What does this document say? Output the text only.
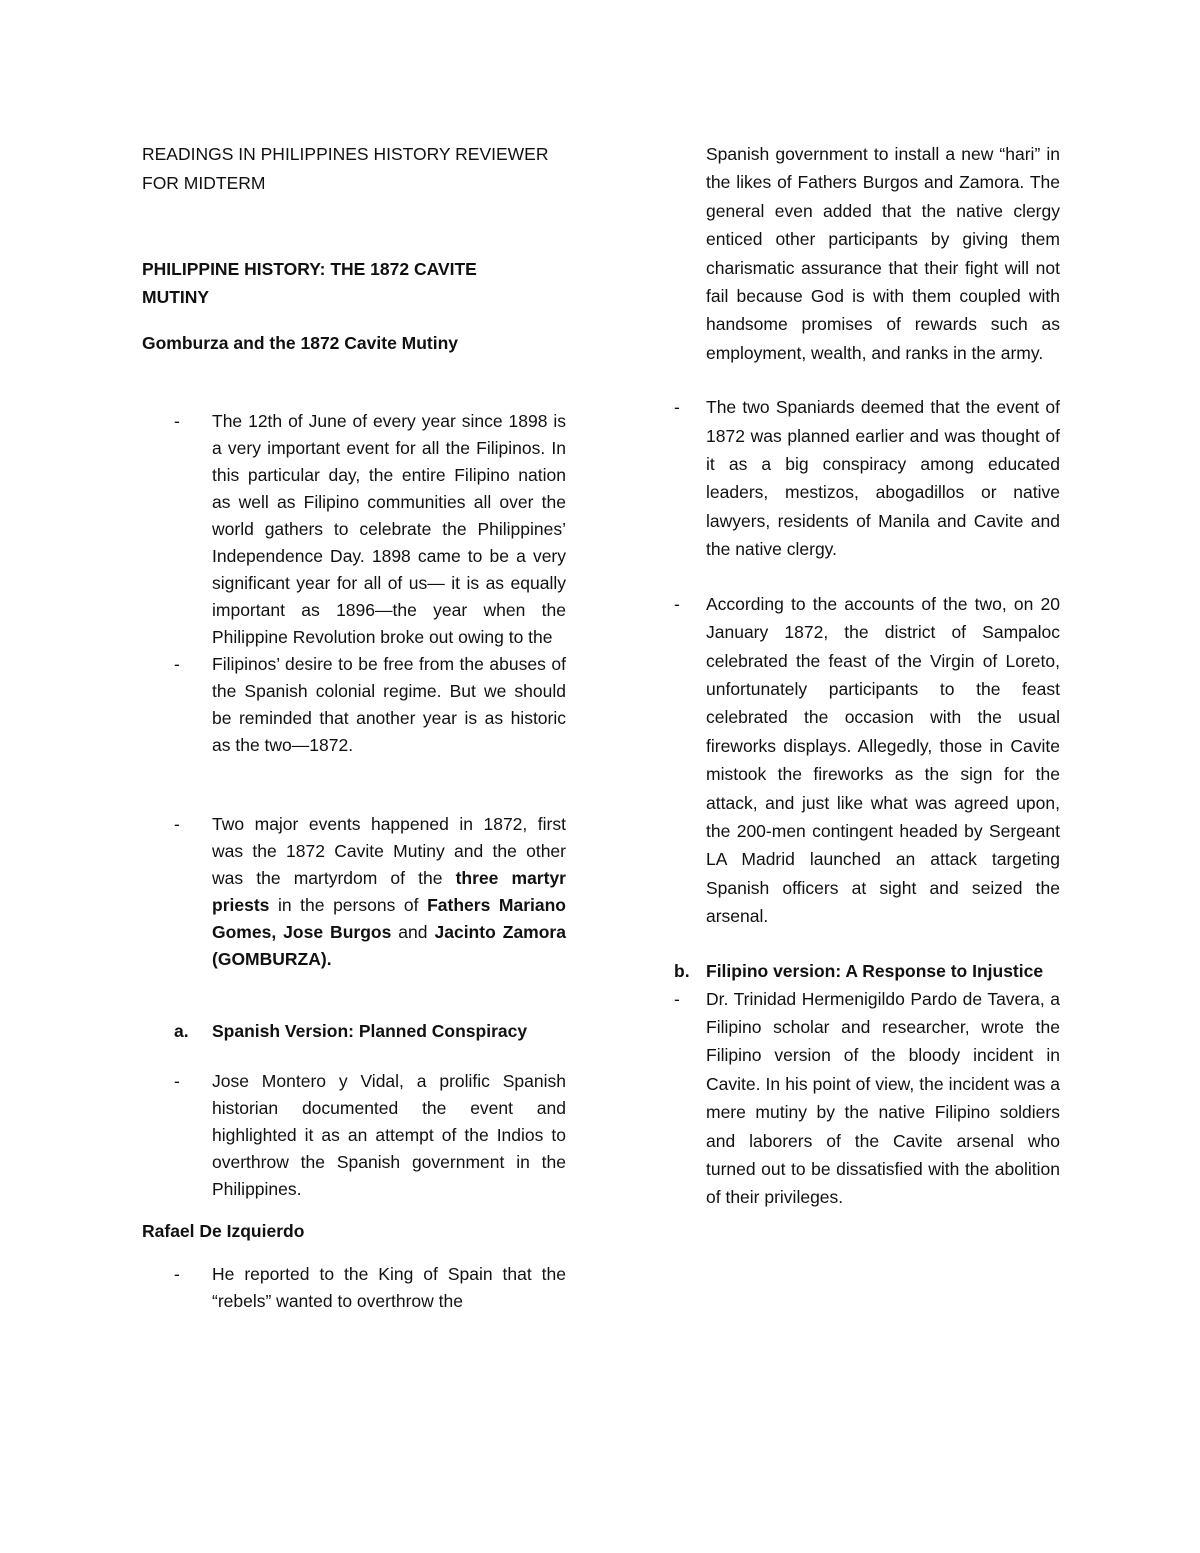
READINGS IN PHILIPPINES HISTORY REVIEWER

FOR MIDTERM

PHILIPPINE HISTORY: THE 1872 CAVITE

MUTINY

Gomburza and the 1872 Cavite Mutiny

- The 12th of June of every year since 1898 is a very important event for all the Filipinos. In this particular day, the entire Filipino nation as well as Filipino communities all over the world gathers to celebrate the Philippines’ Independence Day. 1898 came to be a very significant year for all of us— it is as equally important as 1896—the year when the Philippine Revolution broke out owing to the
- Filipinos’ desire to be free from the abuses of the Spanish colonial regime. But we should be reminded that another year is as historic as the two—1872.
- Two major events happened in 1872, first was the 1872 Cavite Mutiny and the other was the martyrdom of the three martyr priests in the persons of Fathers Mariano Gomes, Jose Burgos and Jacinto Zamora (GOMBURZA).
a. Spanish Version: Planned Conspiracy
- Jose Montero y Vidal, a prolific Spanish historian documented the event and highlighted it as an attempt of the Indios to overthrow the Spanish government in the Philippines.

Rafael De Izquierdo

- He reported to the King of Spain that the “rebels” wanted to overthrow the
Spanish government to install a new “hari” in the likes of Fathers Burgos and Zamora. The general even added that the native clergy enticed other participants by giving them charismatic assurance that their fight will not fail because God is with them coupled with handsome promises of rewards such as employment, wealth, and ranks in the army.
- The two Spaniards deemed that the event of 1872 was planned earlier and was thought of it as a big conspiracy among educated leaders, mestizos, abogadillos or native lawyers, residents of Manila and Cavite and the native clergy.
- According to the accounts of the two, on 20 January 1872, the district of Sampaloc celebrated the feast of the Virgin of Loreto, unfortunately participants to the feast celebrated the occasion with the usual fireworks displays. Allegedly, those in Cavite mistook the fireworks as the sign for the attack, and just like what was agreed upon, the 200-men contingent headed by Sergeant LA Madrid launched an attack targeting Spanish officers at sight and seized the arsenal.
b. Filipino version: A Response to Injustice
- Dr. Trinidad Hermenigildo Pardo de Tavera, a Filipino scholar and researcher, wrote the Filipino version of the bloody incident in Cavite. In his point of view, the incident was a mere mutiny by the native Filipino soldiers and laborers of the Cavite arsenal who turned out to be dissatisfied with the abolition of their privileges.
